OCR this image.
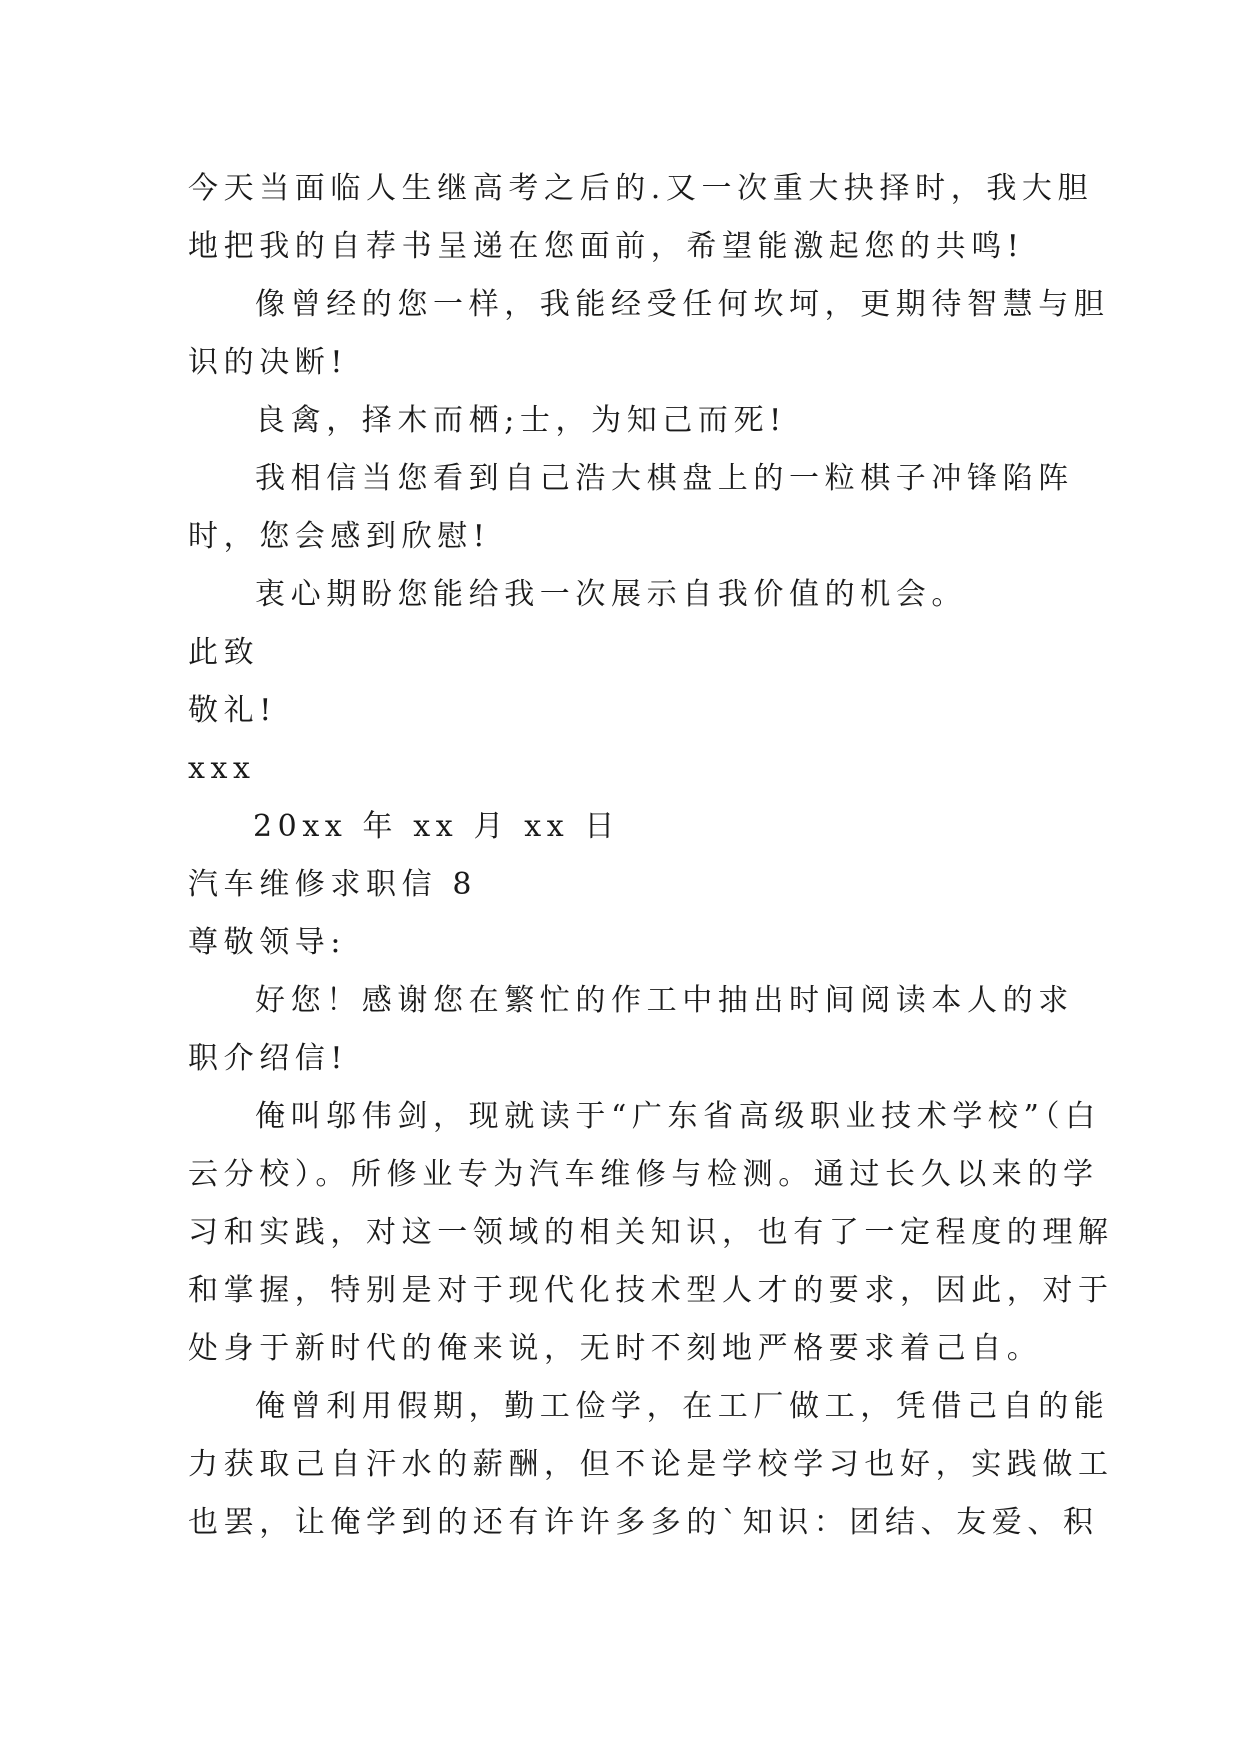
今天当面临人生继高考之后的.又一次重大抉择时，我大胆
地把我的自荐书呈递在您面前，希望能激起您的共鸣!
像曾经的您一样，我能经受任何坎坷，更期待智慧与胆
识的决断!
良禽，择木而栖;士，为知己而死!
我相信当您看到自己浩大棋盘上的一粒棋子冲锋陷阵
时，您会感到欣慰!
衷心期盼您能给我一次展示自我价值的机会。
此致
敬礼!
xxx
20xx 年 xx 月 xx 日
汽车维修求职信 8
尊敬领导:
好您！感谢您在繁忙的作工中抽出时间阅读本人的求
职介绍信!
俺叫邬伟剑，现就读于“广东省高级职业技术学校”（白
云分校）。所修业专为汽车维修与检测。通过长久以来的学
习和实践，对这一领域的相关知识，也有了一定程度的理解
和掌握，特别是对于现代化技术型人才的要求，因此，对于
处身于新时代的俺来说，无时不刻地严格要求着己自。
俺曾利用假期，勤工俭学，在工厂做工，凭借己自的能
力获取己自汗水的薪酬，但不论是学校学习也好，实践做工
也罢，让俺学到的还有许许多多的`知识：团结、友爱、积
